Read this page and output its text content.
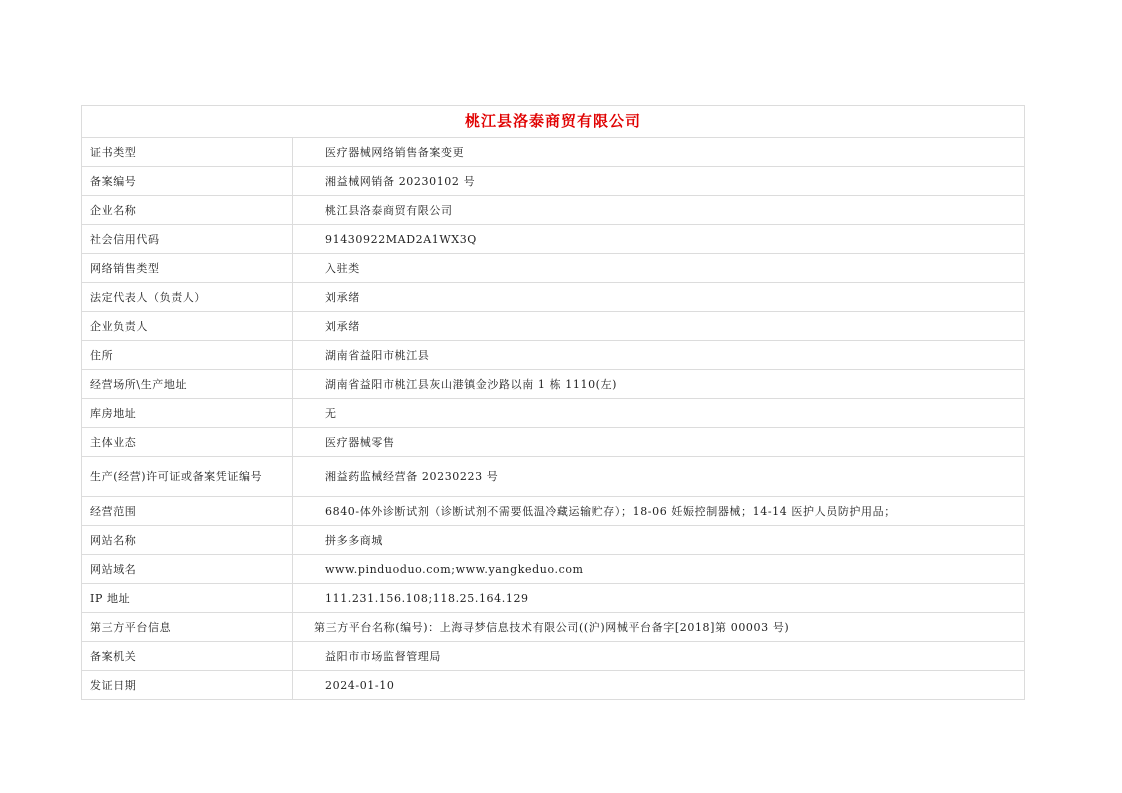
桃江县洛泰商贸有限公司	
证书类型	医疗器械网络销售备案变更
备案编号	湘益械网销备 20230102 号
企业名称	桃江县洛泰商贸有限公司
社会信用代码	91430922MAD2A1WX3Q
网络销售类型	入驻类
法定代表人（负责人）	刘承绪
企业负责人	刘承绪
住所	湖南省益阳市桃江县
经营场所\生产地址	湖南省益阳市桃江县灰山港镇金沙路以南 1 栋 1110(左)
库房地址	无
主体业态	医疗器械零售
生产(经营)许可证或备案凭证编号	湘益药监械经营备 20230223 号
经营范围	6840-体外诊断试剂（诊断试剂不需要低温冷藏运输贮存）；18-06 妊娠控制器械；14-14 医护人员防护用品；
网站名称	拼多多商城
网站域名	www.pinduoduo.com;www.yangkeduo.com
IP 地址	111.231.156.108;118.25.164.129
第三方平台信息	第三方平台名称(编号)：上海寻梦信息技术有限公司((沪)网械平台备字[2018]第 00003 号)
备案机关	益阳市市场监督管理局
发证日期	2024-01-10
